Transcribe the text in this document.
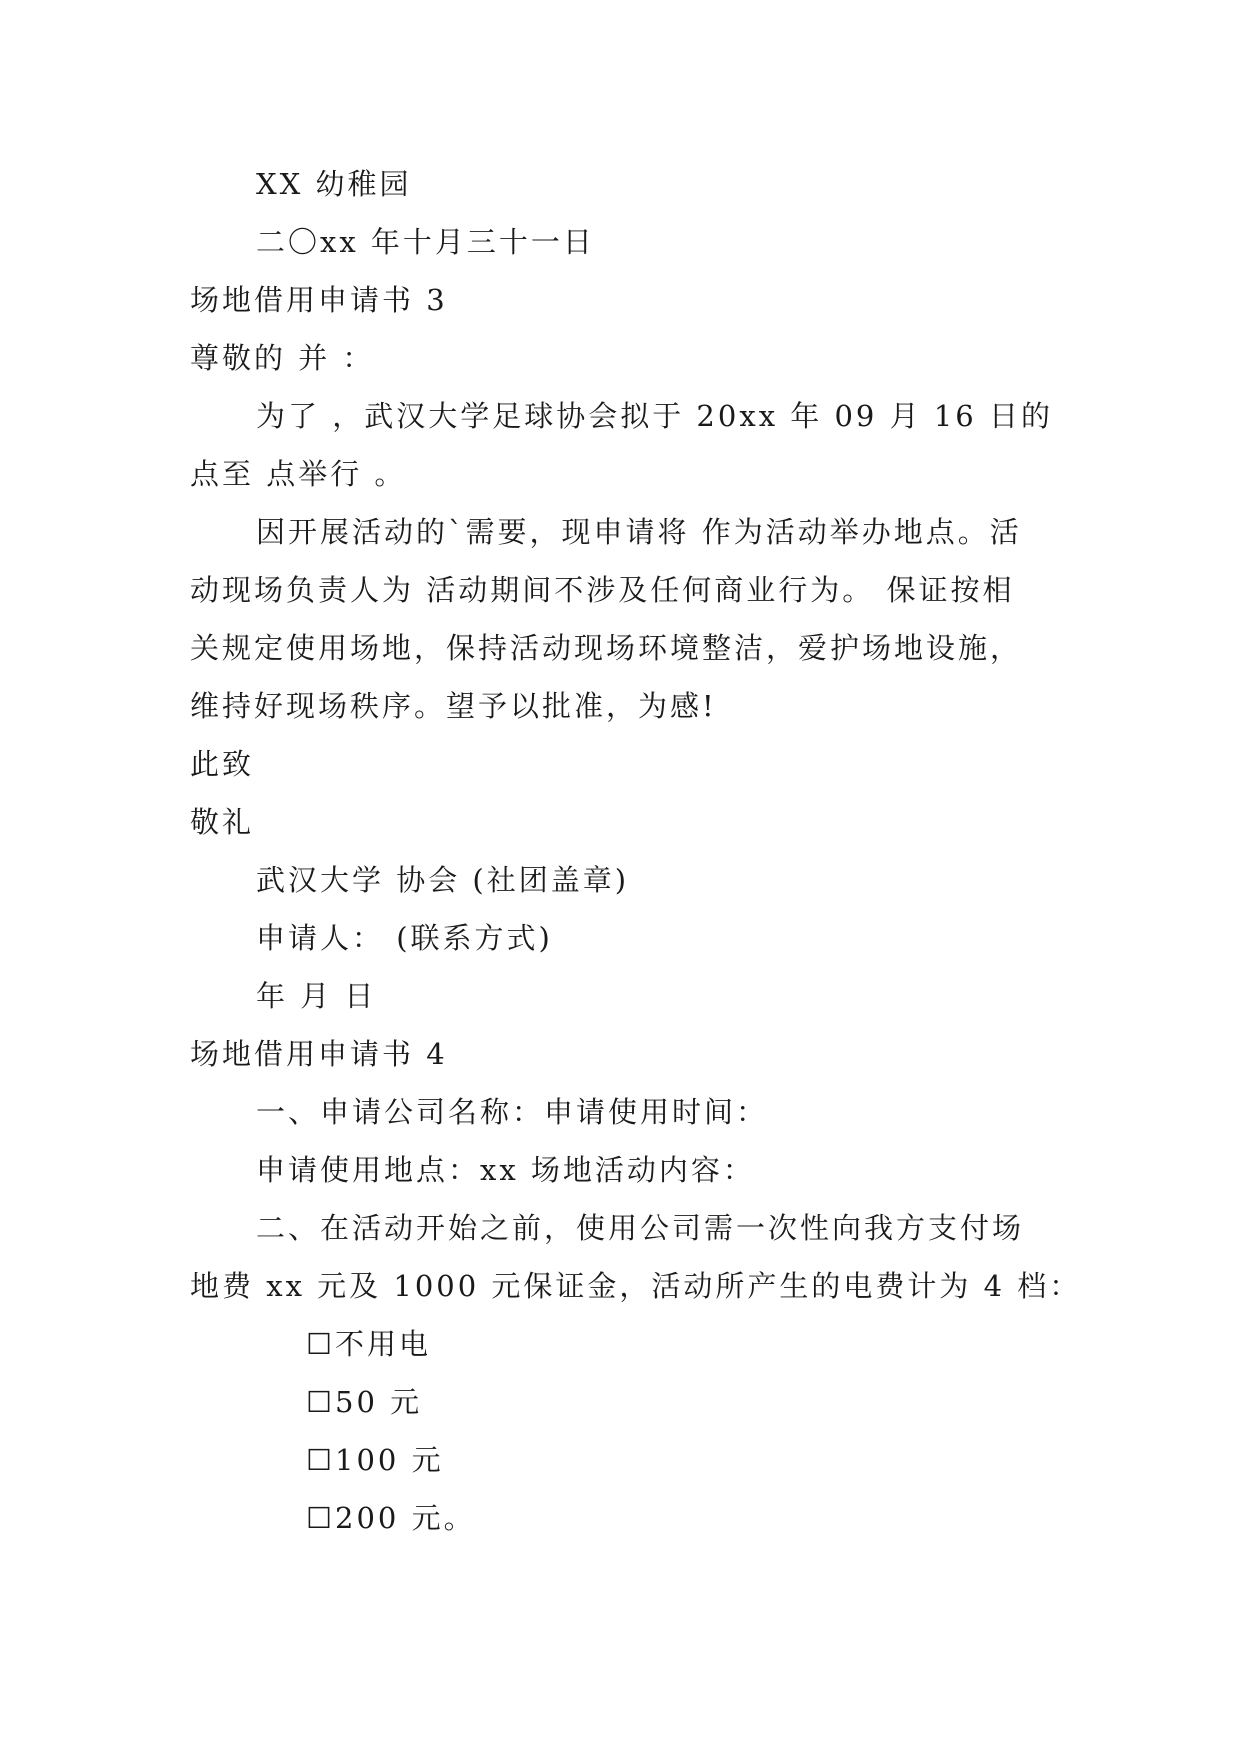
XX 幼稚园
二〇xx 年十月三十一日
场地借用申请书 3
尊敬的 并 ：
为了 ，武汉大学足球协会拟于 20xx 年 09 月 16 日的
点至 点举行 。
因开展活动的`需要，现申请将 作为活动举办地点。活
动现场负责人为 活动期间不涉及任何商业行为。 保证按相
关规定使用场地，保持活动现场环境整洁，爱护场地设施，
维持好现场秩序。望予以批准，为感!
此致
敬礼
武汉大学 协会 (社团盖章)
申请人： (联系方式)
年 月 日
场地借用申请书 4
一、申请公司名称：申请使用时间：
申请使用地点：xx 场地活动内容：
二、在活动开始之前，使用公司需一次性向我方支付场
地费 xx 元及 1000 元保证金，活动所产生的电费计为 4 档：
☐不用电
☐50 元
☐100 元
☐200 元。
